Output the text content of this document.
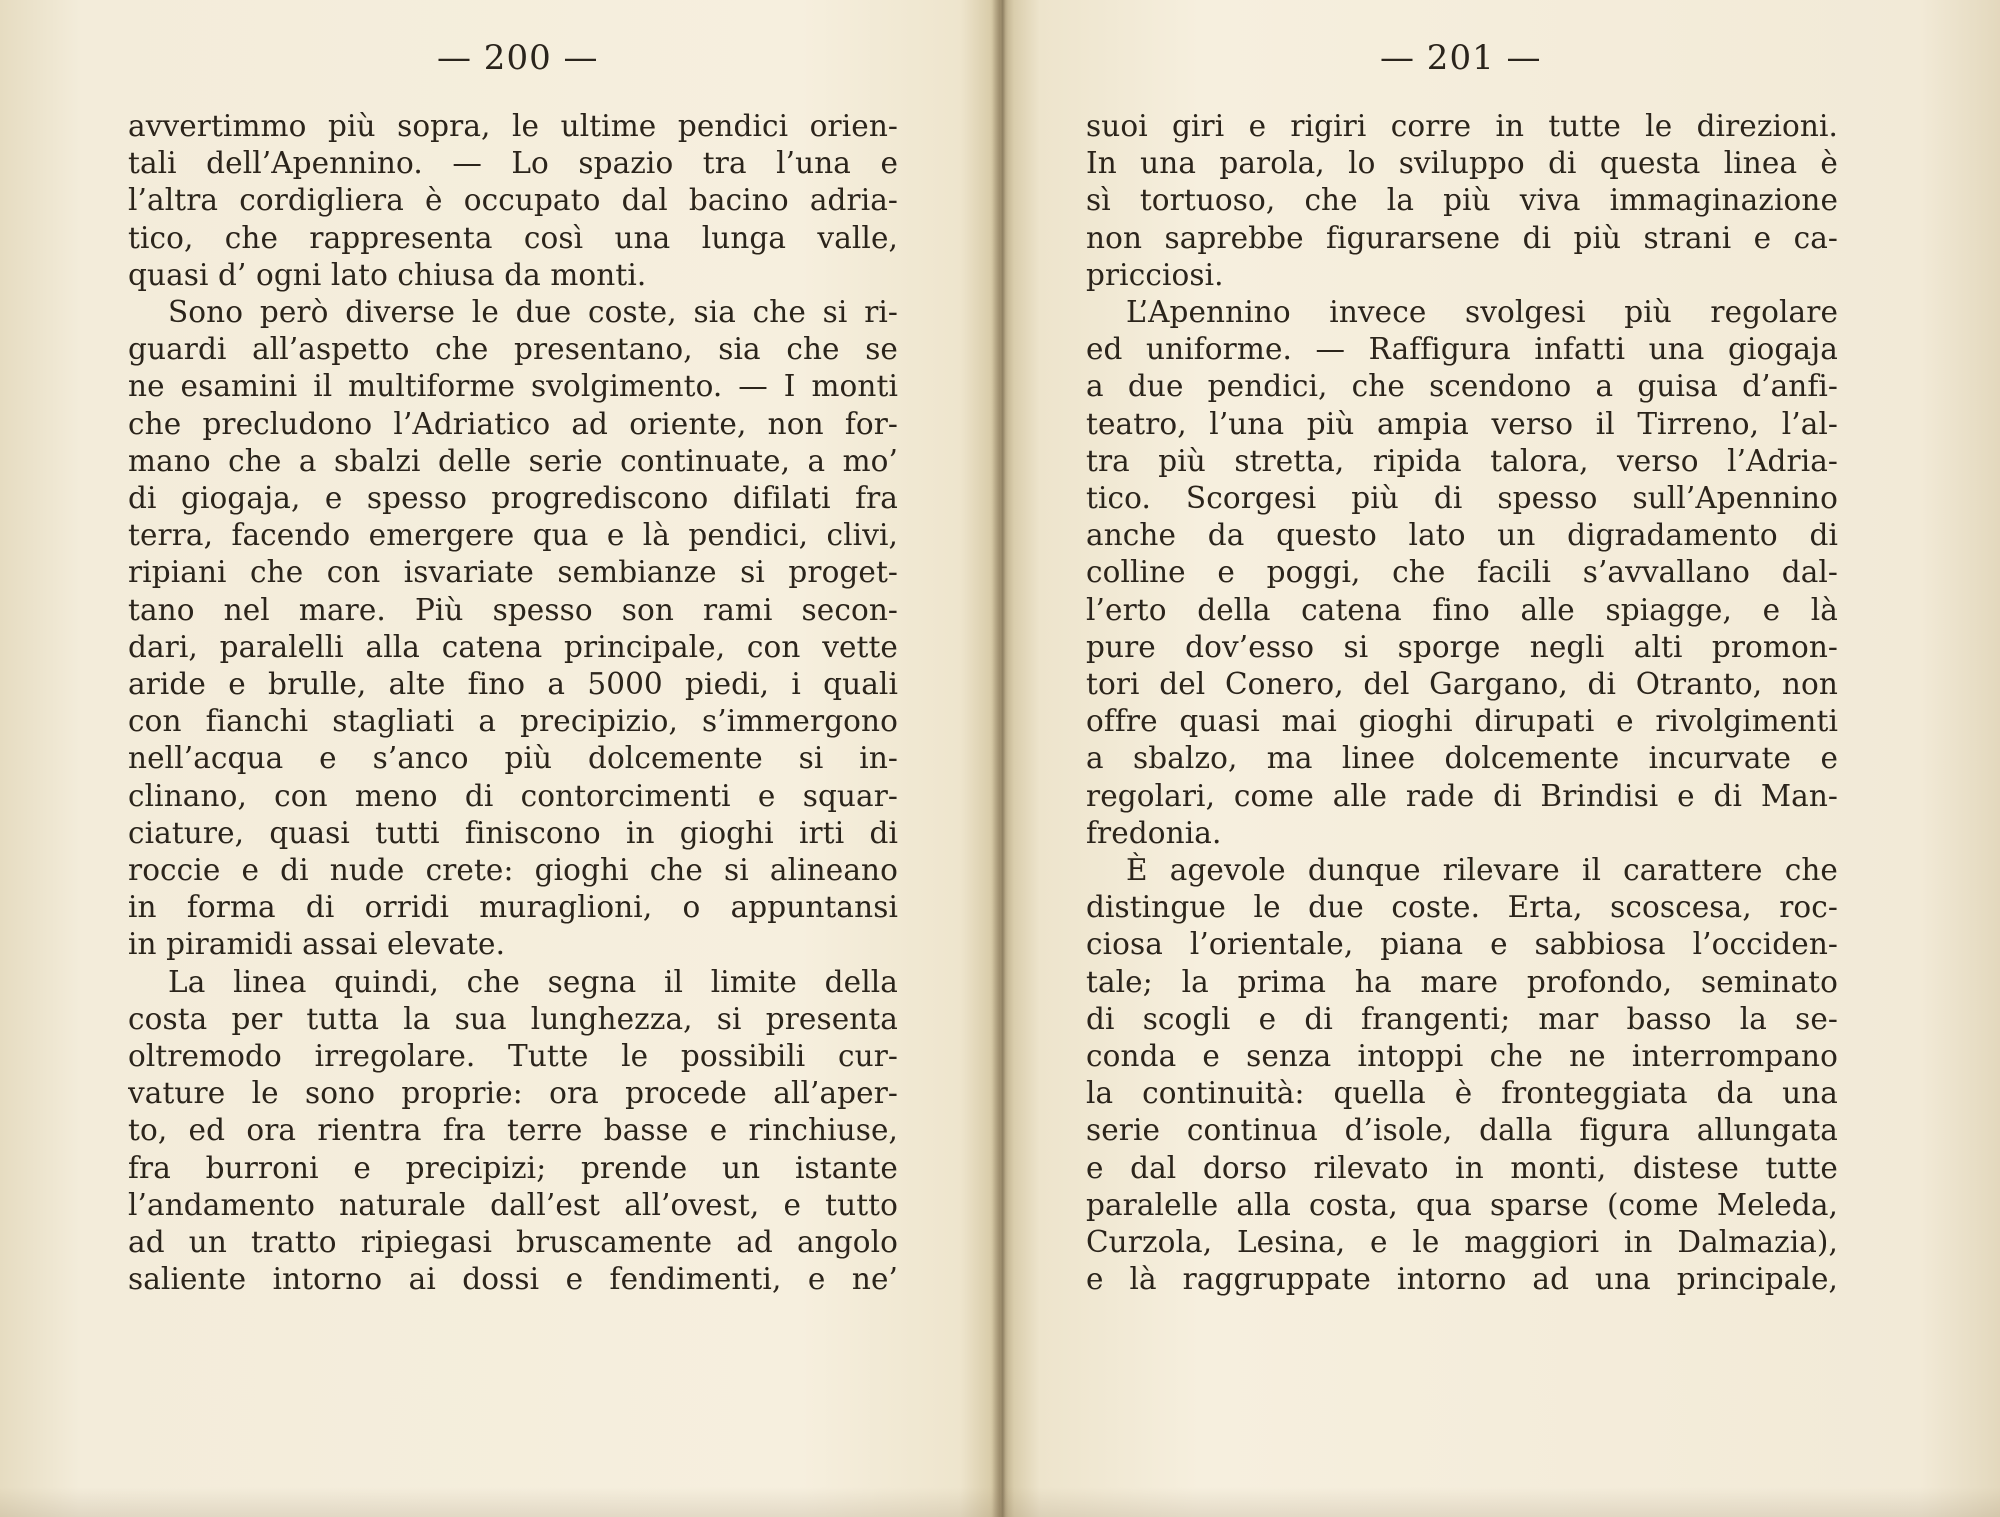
— 200 —
avvertimmo più sopra, le ultime pendici orien-
tali dell’Apennino. — Lo spazio tra l’una e
l’altra cordigliera è occupato dal bacino adria-
tico, che rappresenta così una lunga valle,
quasi d’ ogni lato chiusa da monti.
Sono però diverse le due coste, sia che si ri-
guardi all’aspetto che presentano, sia che se
ne esamini il multiforme svolgimento. — I monti
che precludono l’Adriatico ad oriente, non for-
mano che a sbalzi delle serie continuate, a mo’
di giogaja, e spesso progrediscono difilati fra
terra, facendo emergere qua e là pendici, clivi,
ripiani che con isvariate sembianze si proget-
tano nel mare. Più spesso son rami secon-
dari, paralelli alla catena principale, con vette
aride e brulle, alte fino a 5000 piedi, i quali
con fianchi stagliati a precipizio, s’immergono
nell’acqua e s’anco più dolcemente si in-
clinano, con meno di contorcimenti e squar-
ciature, quasi tutti finiscono in gioghi irti di
roccie e di nude crete: gioghi che si alineano
in forma di orridi muraglioni, o appuntansi
in piramidi assai elevate.
La linea quindi, che segna il limite della
costa per tutta la sua lunghezza, si presenta
oltremodo irregolare. Tutte le possibili cur-
vature le sono proprie: ora procede all’aper-
to, ed ora rientra fra terre basse e rinchiuse,
fra burroni e precipizi; prende un istante
l’andamento naturale dall’est all’ovest, e tutto
ad un tratto ripiegasi bruscamente ad angolo
saliente intorno ai dossi e fendimenti, e ne’
— 201 —
suoi giri e rigiri corre in tutte le direzioni.
In una parola, lo sviluppo di questa linea è
sì tortuoso, che la più viva immaginazione
non saprebbe figurarsene di più strani e ca-
pricciosi.
L’Apennino invece svolgesi più regolare
ed uniforme. — Raffigura infatti una giogaja
a due pendici, che scendono a guisa d’anfi-
teatro, l’una più ampia verso il Tirreno, l’al-
tra più stretta, ripida talora, verso l’Adria-
tico. Scorgesi più di spesso sull’Apennino
anche da questo lato un digradamento di
colline e poggi, che facili s’avvallano dal-
l’erto della catena fino alle spiagge, e là
pure dov’esso si sporge negli alti promon-
tori del Conero, del Gargano, di Otranto, non
offre quasi mai gioghi dirupati e rivolgimenti
a sbalzo, ma linee dolcemente incurvate e
regolari, come alle rade di Brindisi e di Man-
fredonia.
È agevole dunque rilevare il carattere che
distingue le due coste. Erta, scoscesa, roc-
ciosa l’orientale, piana e sabbiosa l’occiden-
tale; la prima ha mare profondo, seminato
di scogli e di frangenti; mar basso la se-
conda e senza intoppi che ne interrompano
la continuità: quella è fronteggiata da una
serie continua d’isole, dalla figura allungata
e dal dorso rilevato in monti, distese tutte
paralelle alla costa, qua sparse (come Meleda,
Curzola, Lesina, e le maggiori in Dalmazia),
e là raggruppate intorno ad una principale,
